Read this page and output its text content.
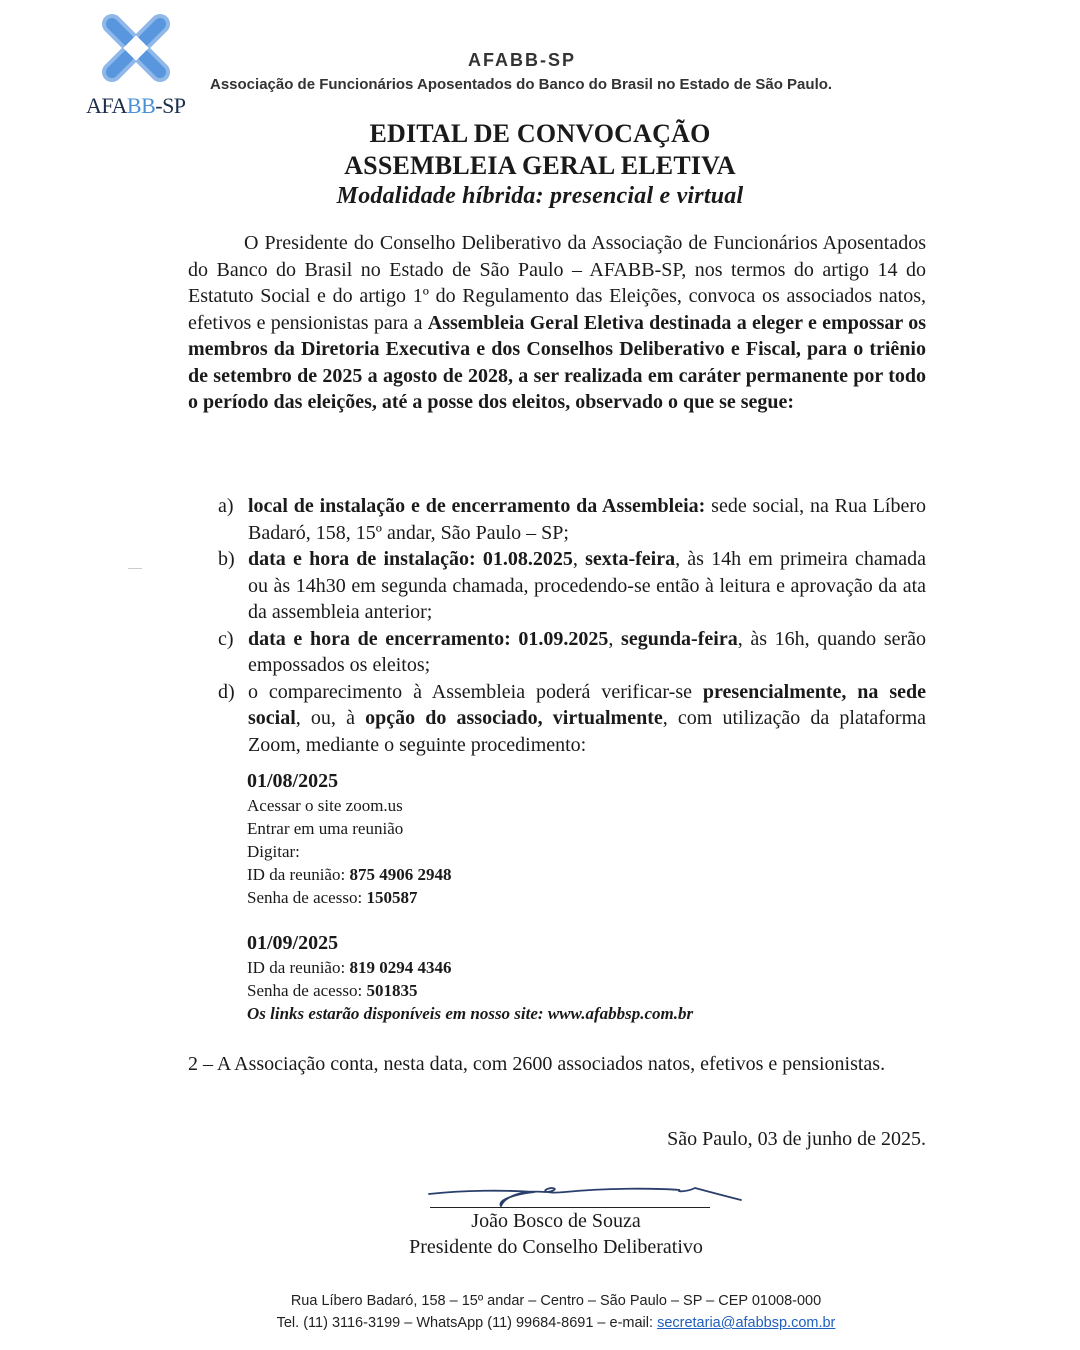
AFABB-SP
AFABB-SP
Associação de Funcionários Aposentados do Banco do Brasil no Estado de São Paulo.
EDITAL DE CONVOCAÇÃO
ASSEMBLEIA GERAL ELETIVA
Modalidade híbrida: presencial e virtual

O Presidente do Conselho Deliberativo da Associação de Funcionários Aposentados do Banco do Brasil no Estado de São Paulo – AFABB-SP, nos termos do artigo 14 do Estatuto Social e do artigo 1º do Regulamento das Eleições, convoca os associados natos, efetivos e pensionistas para a Assembleia Geral Eletiva destinada a eleger e empossar os membros da Diretoria Executiva e dos Conselhos Deliberativo e Fiscal, para o triênio de setembro de 2025 a agosto de 2028, a ser realizada em caráter permanente por todo o período das eleições, até a posse dos eleitos, observado o que se segue:

a) local de instalação e de encerramento da Assembleia: sede social, na Rua Líbero Badaró, 158, 15º andar, São Paulo – SP;
b) data e hora de instalação: 01.08.2025, sexta-feira, às 14h em primeira chamada ou às 14h30 em segunda chamada, procedendo-se então à leitura e aprovação da ata da assembleia anterior;
c) data e hora de encerramento: 01.09.2025, segunda-feira, às 16h, quando serão empossados os eleitos;
d) o comparecimento à Assembleia poderá verificar-se presencialmente, na sede social, ou, à opção do associado, virtualmente, com utilização da plataforma Zoom, mediante o seguinte procedimento:
01/08/2025
Acessar o site zoom.us
Entrar em uma reunião
Digitar:
ID da reunião: 875 4906 2948
Senha de acesso: 150587
01/09/2025
ID da reunião: 819 0294 4346
Senha de acesso: 501835
Os links estarão disponíveis em nosso site: www.afabbsp.com.br

2 – A Associação conta, nesta data, com 2600 associados natos, efetivos e pensionistas.

São Paulo, 03 de junho de 2025.
João Bosco de Souza
Presidente do Conselho Deliberativo
Rua Líbero Badaró, 158 – 15º andar – Centro – São Paulo – SP – CEP 01008-000
Tel. (11) 3116-3199 – WhatsApp (11) 99684-8691 – e-mail: secretaria@afabbsp.com.br
